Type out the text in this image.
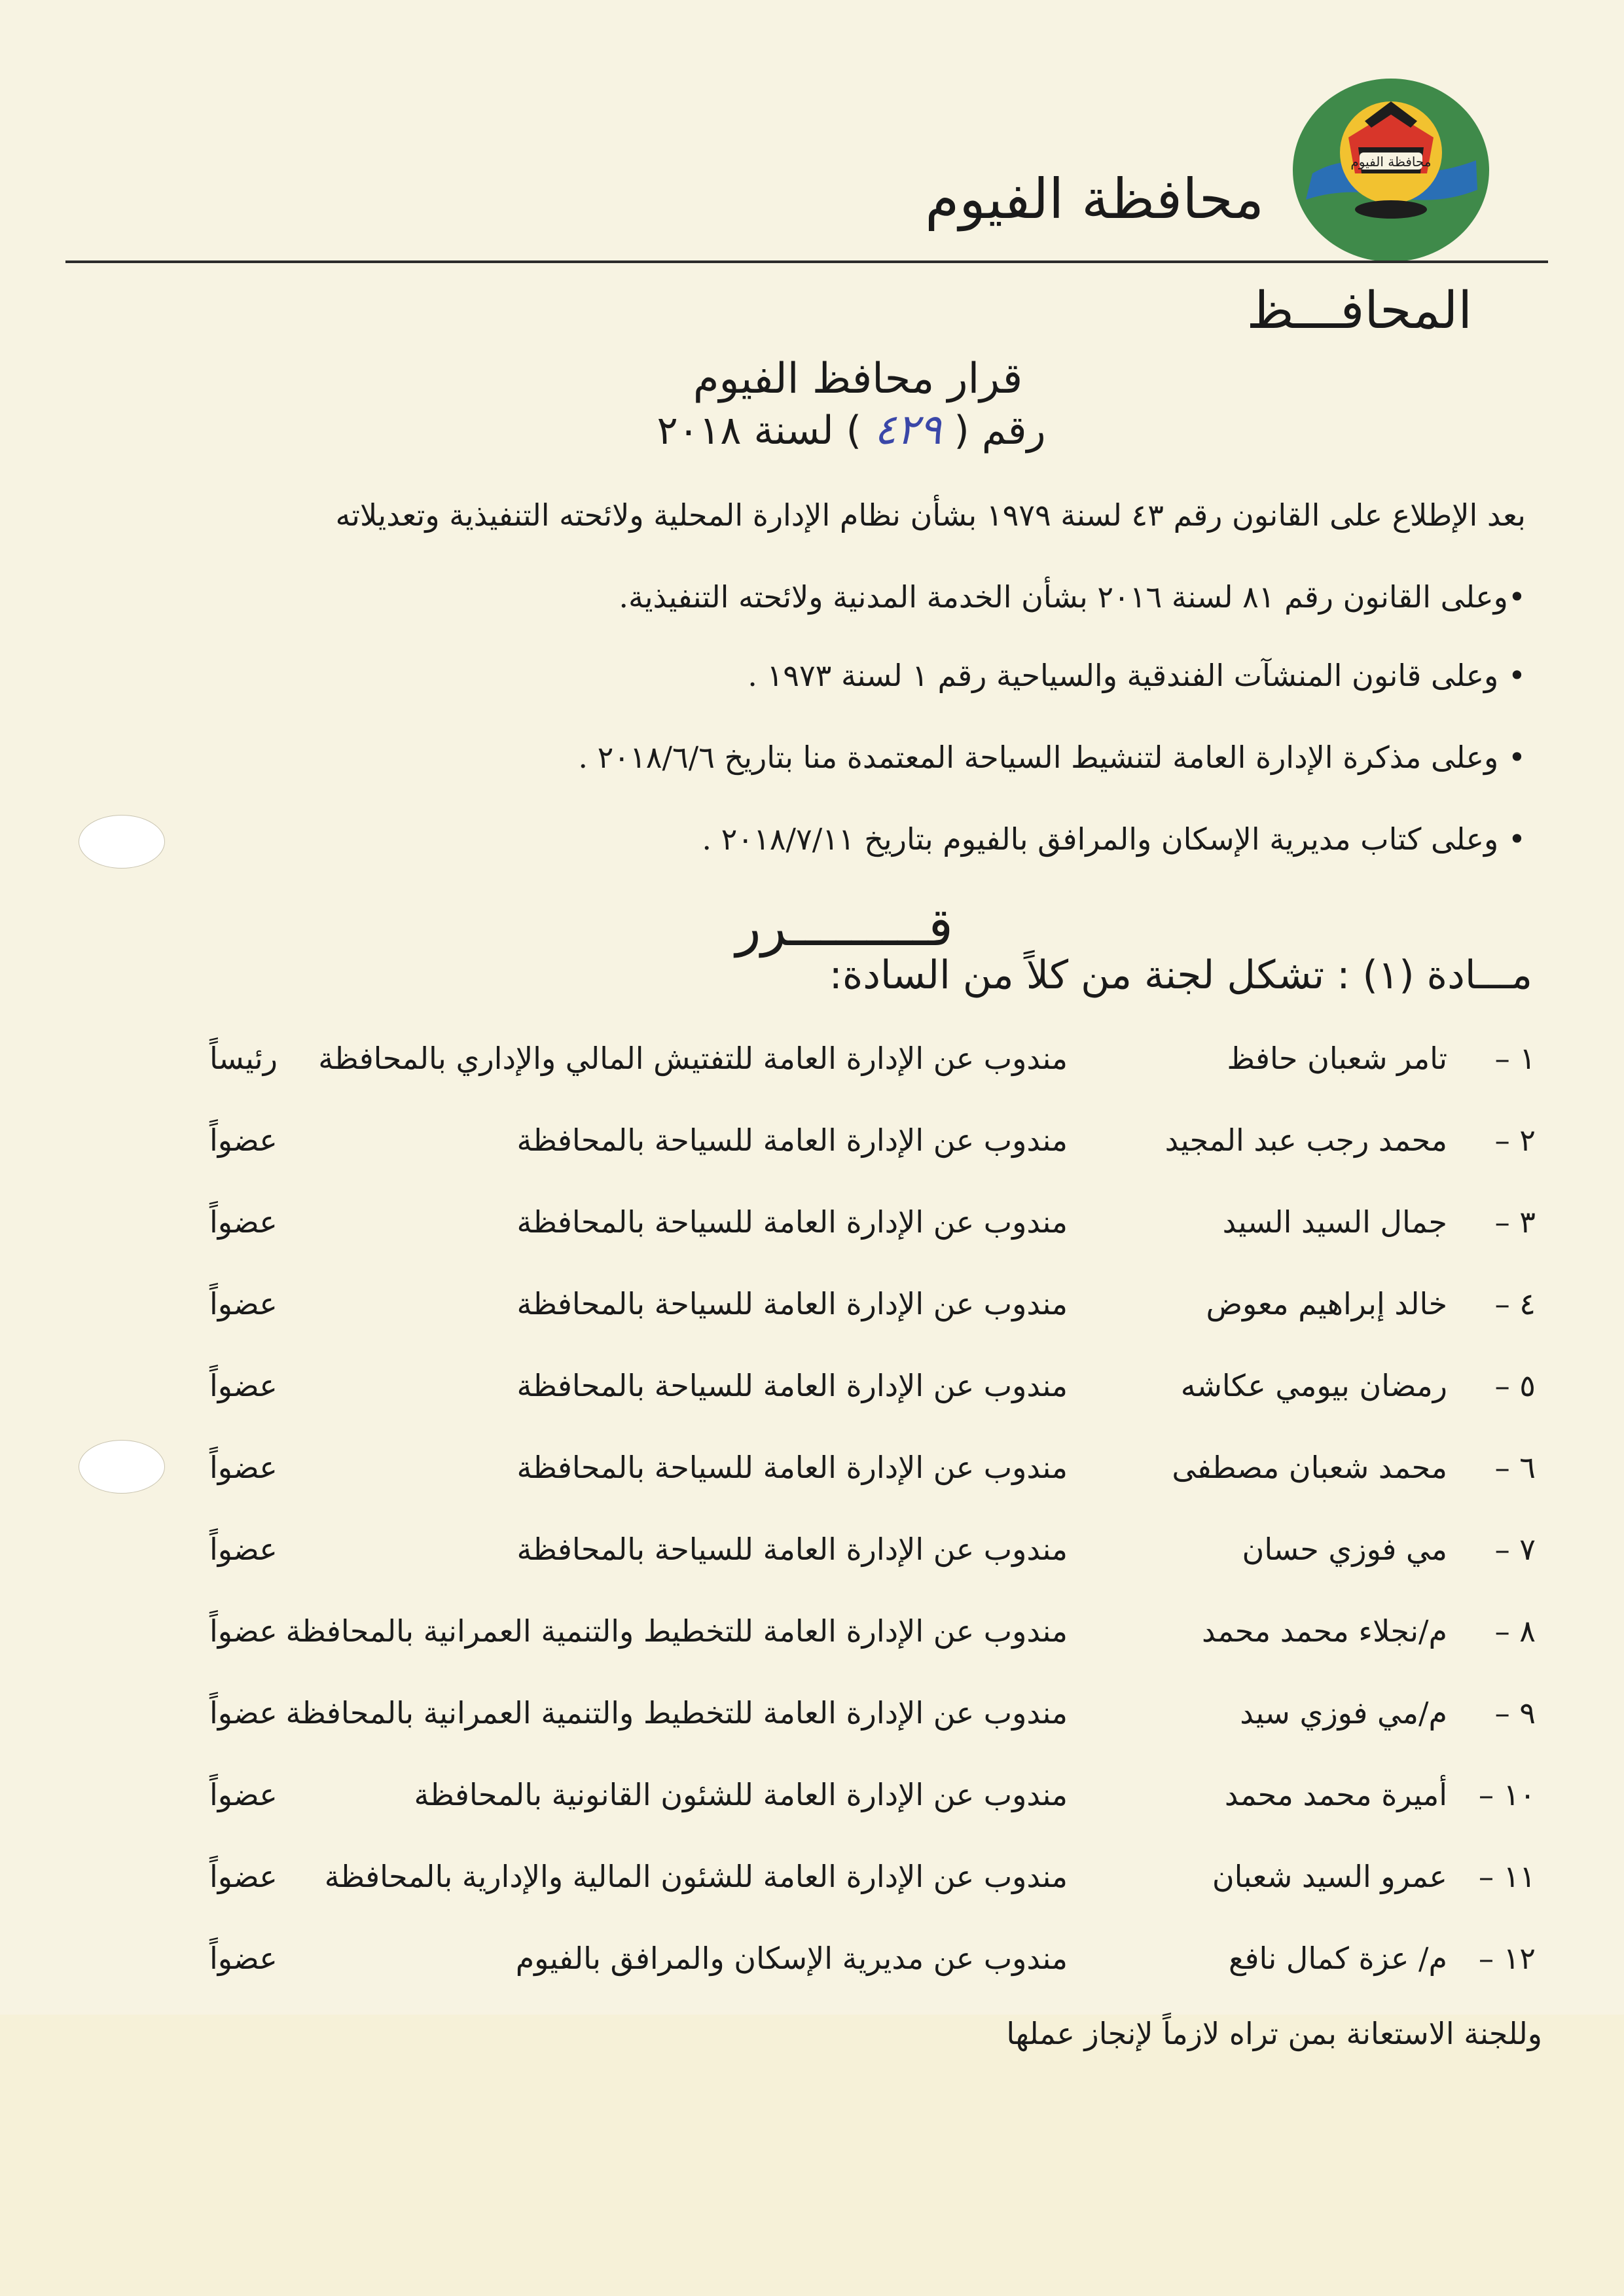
محافظة الفيوم
محافظة الفيوم
المحافـــظ
قرار محافظ الفيوم
رقم ( ٤٢٩ ) لسنة ٢٠١٨
بعد الإطلاع على القانون رقم ٤٣ لسنة ١٩٧٩ بشأن نظام الإدارة المحلية ولائحته التنفيذية وتعديلاته
•وعلى القانون رقم ٨١ لسنة ٢٠١٦ بشأن الخدمة المدنية ولائحته التنفيذية.
• وعلى قانون المنشآت الفندقية والسياحية رقم ١ لسنة ١٩٧٣ .
• وعلى مذكرة الإدارة العامة لتنشيط السياحة المعتمدة منا بتاريخ ٢٠١٨/٦/٦ .
• وعلى كتاب مديرية الإسكان والمرافق بالفيوم بتاريخ ٢٠١٨/٧/١١ .
قـــــــــرر
مـــادة (١) : تشكل لجنة من كلاً من السادة:
١ –
تامر شعبان حافظ
مندوب عن الإدارة العامة للتفتيش المالي والإداري بالمحافظة
رئيساً
٢ –
محمد رجب عبد المجيد
مندوب عن الإدارة العامة للسياحة بالمحافظة
عضواً
٣ –
جمال السيد السيد
مندوب عن الإدارة العامة للسياحة بالمحافظة
عضواً
٤ –
خالد إبراهيم معوض
مندوب عن الإدارة العامة للسياحة بالمحافظة
عضواً
٥ –
رمضان بيومي عكاشه
مندوب عن الإدارة العامة للسياحة بالمحافظة
عضواً
٦ –
محمد شعبان مصطفى
مندوب عن الإدارة العامة للسياحة بالمحافظة
عضواً
٧ –
مي فوزي حسان
مندوب عن الإدارة العامة للسياحة بالمحافظة
عضواً
٨ –
م/نجلاء محمد محمد
مندوب عن الإدارة العامة للتخطيط والتنمية العمرانية بالمحافظة
عضواً
٩ –
م/مي فوزي سيد
مندوب عن الإدارة العامة للتخطيط والتنمية العمرانية بالمحافظة
عضواً
١٠ –
أميرة محمد محمد
مندوب عن الإدارة العامة للشئون القانونية بالمحافظة
عضواً
١١ –
عمرو السيد شعبان
مندوب عن الإدارة العامة للشئون المالية والإدارية بالمحافظة
عضواً
١٢ –
م/ عزة كمال نافع
مندوب عن مديرية الإسكان والمرافق بالفيوم
عضواً
وللجنة الاستعانة بمن تراه لازماً لإنجاز عملها
